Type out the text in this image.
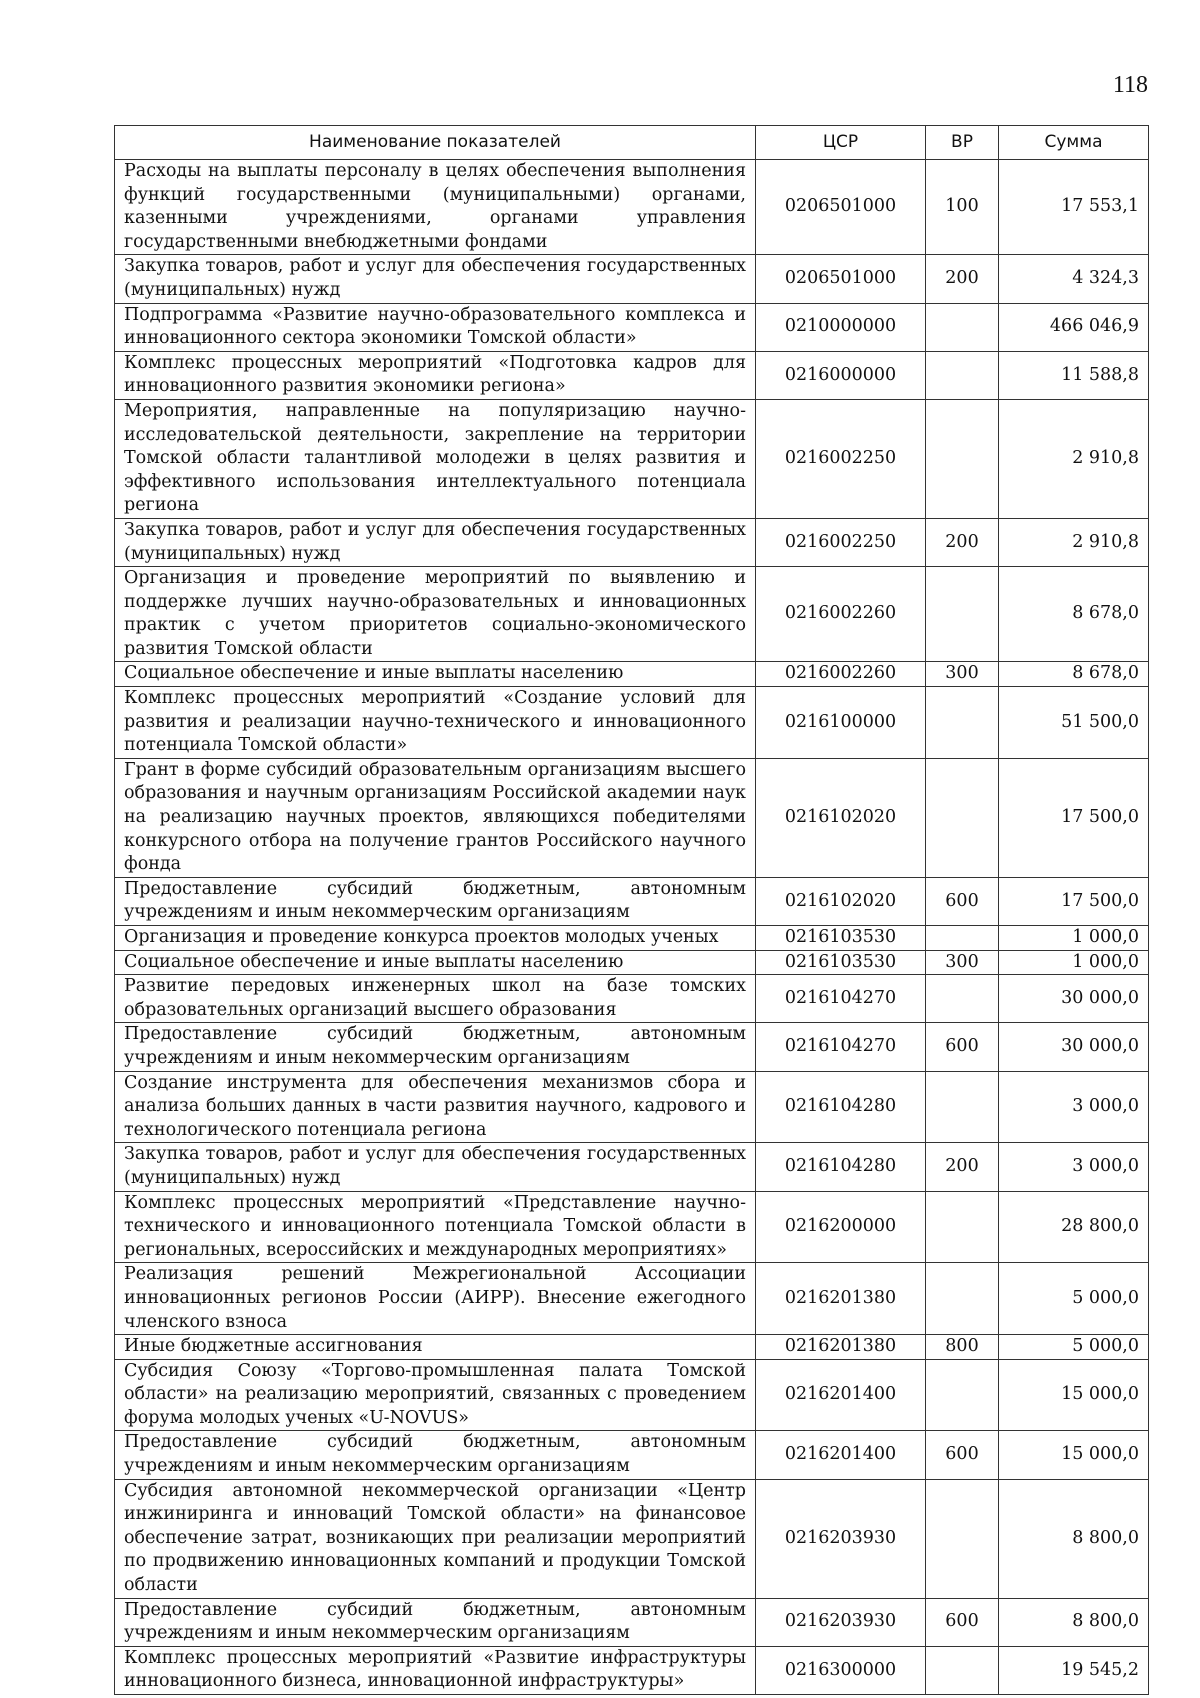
118
Наименование показателей	ЦСР	ВР	Сумма
Расходы на выплаты персоналу в целях обеспечения выполнения функций государственными (муниципальными) органами, казенными учреждениями, органами управления государственными внебюджетными фондами	0206501000	100	17 553,1
Закупка товаров, работ и услуг для обеспечения государственных (муниципальных) нужд	0206501000	200	4 324,3
Подпрограмма «Развитие научно-образовательного комплекса и инновационного сектора экономики Томской области»	0210000000		466 046,9
Комплекс процессных мероприятий «Подготовка кадров для инновационного развития экономики региона»	0216000000		11 588,8
Мероприятия, направленные на популяризацию научно-исследовательской деятельности, закрепление на территории Томской области талантливой молодежи в целях развития и эффективного использования интеллектуального потенциала региона	0216002250		2 910,8
Закупка товаров, работ и услуг для обеспечения государственных (муниципальных) нужд	0216002250	200	2 910,8
Организация и проведение мероприятий по выявлению и поддержке лучших научно-образовательных и инновационных практик с учетом приоритетов социально-экономического развития Томской области	0216002260		8 678,0
Социальное обеспечение и иные выплаты населению	0216002260	300	8 678,0
Комплекс процессных мероприятий «Создание условий для развития и реализации научно-технического и инновационного потенциала Томской области»	0216100000		51 500,0
Грант в форме субсидий образовательным организациям высшего образования и научным организациям Российской академии наук на реализацию научных проектов, являющихся победителями конкурсного отбора на получение грантов Российского научного фонда	0216102020		17 500,0
Предоставление субсидий бюджетным, автономным учреждениям и иным некоммерческим организациям	0216102020	600	17 500,0
Организация и проведение конкурса проектов молодых ученых	0216103530		1 000,0
Социальное обеспечение и иные выплаты населению	0216103530	300	1 000,0
Развитие передовых инженерных школ на базе томских образовательных организаций высшего образования	0216104270		30 000,0
Предоставление субсидий бюджетным, автономным учреждениям и иным некоммерческим организациям	0216104270	600	30 000,0
Создание инструмента для обеспечения механизмов сбора и анализа больших данных в части развития научного, кадрового и технологического потенциала региона	0216104280		3 000,0
Закупка товаров, работ и услуг для обеспечения государственных (муниципальных) нужд	0216104280	200	3 000,0
Комплекс процессных мероприятий «Представление научно-технического и инновационного потенциала Томской области в региональных, всероссийских и международных мероприятиях»	0216200000		28 800,0
Реализация решений Межрегиональной Ассоциации инновационных регионов России (АИРР). Внесение ежегодного членского взноса	0216201380		5 000,0
Иные бюджетные ассигнования	0216201380	800	5 000,0
Субсидия Союзу «Торгово-промышленная палата Томской области» на реализацию мероприятий, связанных с проведением форума молодых ученых «U-NOVUS»	0216201400		15 000,0
Предоставление субсидий бюджетным, автономным учреждениям и иным некоммерческим организациям	0216201400	600	15 000,0
Субсидия автономной некоммерческой организации «Центр инжиниринга и инноваций Томской области» на финансовое обеспечение затрат, возникающих при реализации мероприятий по продвижению инновационных компаний и продукции Томской области	0216203930		8 800,0
Предоставление субсидий бюджетным, автономным учреждениям и иным некоммерческим организациям	0216203930	600	8 800,0
Комплекс процессных мероприятий «Развитие инфраструктуры инновационного бизнеса, инновационной инфраструктуры»	0216300000		19 545,2
